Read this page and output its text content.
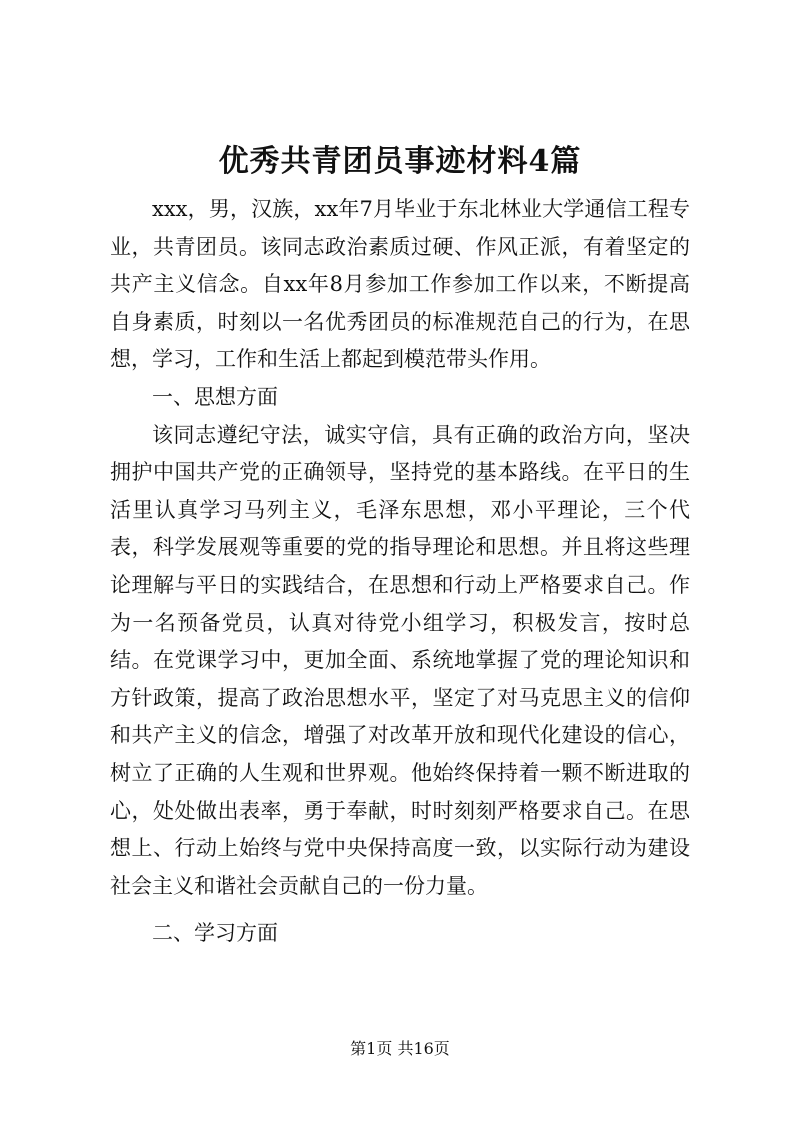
优秀共青团员事迹材料4篇

xxx，男，汉族，xx年7月毕业于东北林业大学通信工程专业，共青团员。该同志政治素质过硬、作风正派，有着坚定的共产主义信念。自xx年8月参加工作参加工作以来，不断提高自身素质，时刻以一名优秀团员的标准规范自己的行为，在思想，学习，工作和生活上都起到模范带头作用。

一、思想方面

该同志遵纪守法，诚实守信，具有正确的政治方向，坚决拥护中国共产党的正确领导，坚持党的基本路线。在平日的生活里认真学习马列主义，毛泽东思想，邓小平理论，三个代表，科学发展观等重要的党的指导理论和思想。并且将这些理论理解与平日的实践结合，在思想和行动上严格要求自己。作为一名预备党员，认真对待党小组学习，积极发言，按时总结。在党课学习中，更加全面、系统地掌握了党的理论知识和方针政策，提高了政治思想水平，坚定了对马克思主义的信仰和共产主义的信念，增强了对改革开放和现代化建设的信心，树立了正确的人生观和世界观。他始终保持着一颗不断进取的心，处处做出表率，勇于奉献，时时刻刻严格要求自己。在思想上、行动上始终与党中央保持高度一致，以实际行动为建设社会主义和谐社会贡献自己的一份力量。

二、学习方面

第1页 共16页
